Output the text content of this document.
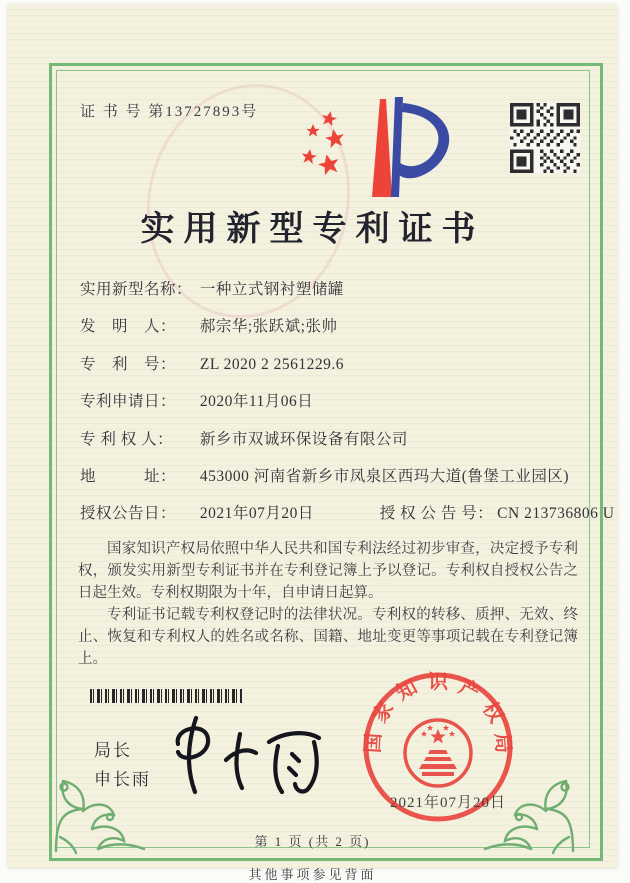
证 书 号 第13727893号
实用新型专利证书
实用新型名称： 一种立式钢衬塑储罐
发　明　人： 郝宗华;张跃斌;张帅
专　利　号： ZL 2020 2 2561229.6
专利申请日： 2020年11月06日
专 利 权 人： 新乡市双诚环保设备有限公司
地　　　址： 453000 河南省新乡市凤泉区西玛大道(鲁堡工业园区)
授权公告日： 2021年07月20日	授 权 公 告 号： CN 213736806 U

国家知识产权局依照中华人民共和国专利法经过初步审查，决定授予专利权，颁发实用新型专利证书并在专利登记簿上予以登记。专利权自授权公告之日起生效。专利权期限为十年，自申请日起算。

专利证书记载专利权登记时的法律状况。专利权的转移、质押、无效、终止、恢复和专利权人的姓名或名称、国籍、地址变更等事项记载在专利登记簿上。

局长
申长雨
国家知识产权局
2021年07月20日
第 1 页 (共 2 页)
其他事项参见背面
